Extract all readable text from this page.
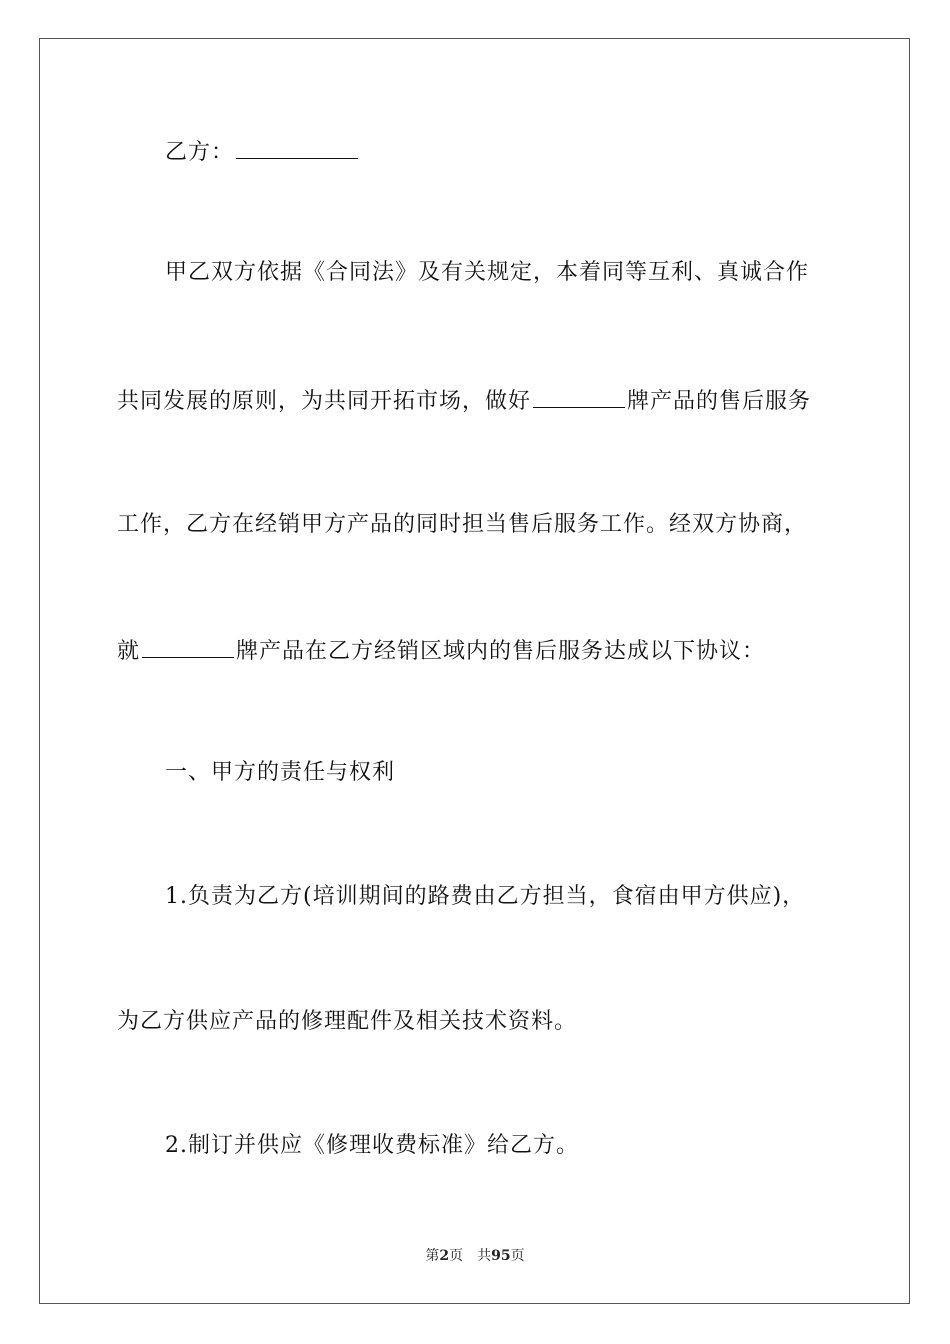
乙方：
甲乙双方依据《合同法》及有关规定，本着同等互利、真诚合作
共同发展的原则，为共同开拓市场，做好	牌产品的售后服务
工作，乙方在经销甲方产品的同时担当售后服务工作。经双方协商，
就	牌产品在乙方经销区域内的售后服务达成以下协议：
一、甲方的责任与权利
1.负责为乙方(培训期间的路费由乙方担当，食宿由甲方供应)，
为乙方供应产品的修理配件及相关技术资料。
2.制订并供应《修理收费标准》给乙方。
第2页 共95页
